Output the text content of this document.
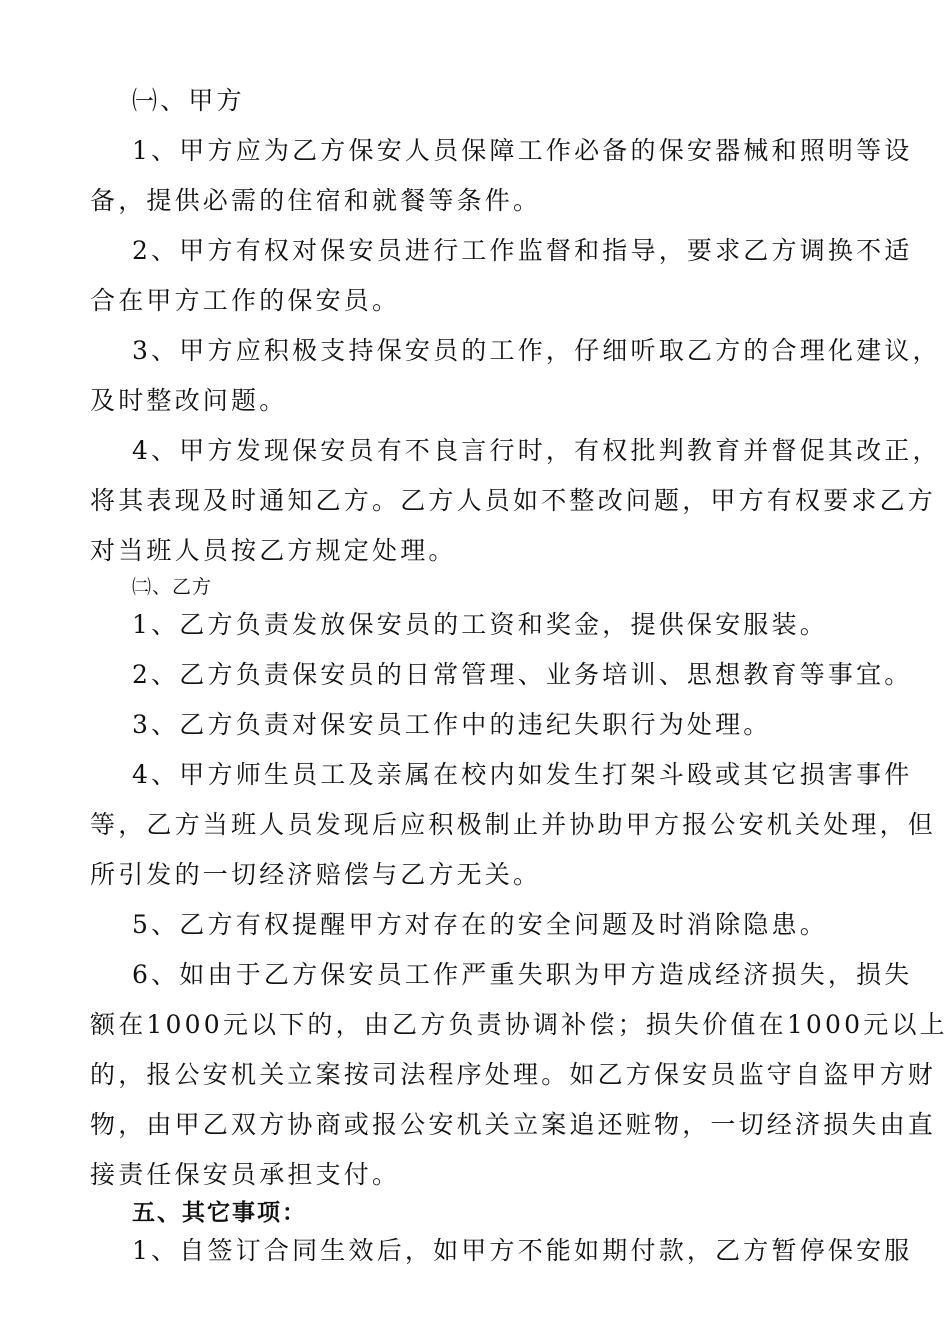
㈠、甲方
1、甲方应为乙方保安人员保障工作必备的保安器械和照明等设
备，提供必需的住宿和就餐等条件。
2、甲方有权对保安员进行工作监督和指导，要求乙方调换不适
合在甲方工作的保安员。
3、甲方应积极支持保安员的工作，仔细听取乙方的合理化建议，
及时整改问题。
4、甲方发现保安员有不良言行时，有权批判教育并督促其改正，
将其表现及时通知乙方。乙方人员如不整改问题，甲方有权要求乙方
对当班人员按乙方规定处理。
㈡、乙方
1、乙方负责发放保安员的工资和奖金，提供保安服装。
2、乙方负责保安员的日常管理、业务培训、思想教育等事宜。
3、乙方负责对保安员工作中的违纪失职行为处理。
4、甲方师生员工及亲属在校内如发生打架斗殴或其它损害事件
等，乙方当班人员发现后应积极制止并协助甲方报公安机关处理，但
所引发的一切经济赔偿与乙方无关。
5、乙方有权提醒甲方对存在的安全问题及时消除隐患。
6、如由于乙方保安员工作严重失职为甲方造成经济损失，损失
额在1000元以下的，由乙方负责协调补偿；损失价值在1000元以上
的，报公安机关立案按司法程序处理。如乙方保安员监守自盗甲方财
物，由甲乙双方协商或报公安机关立案追还赃物，一切经济损失由直
接责任保安员承担支付。
五、其它事项：
1、自签订合同生效后，如甲方不能如期付款，乙方暂停保安服
